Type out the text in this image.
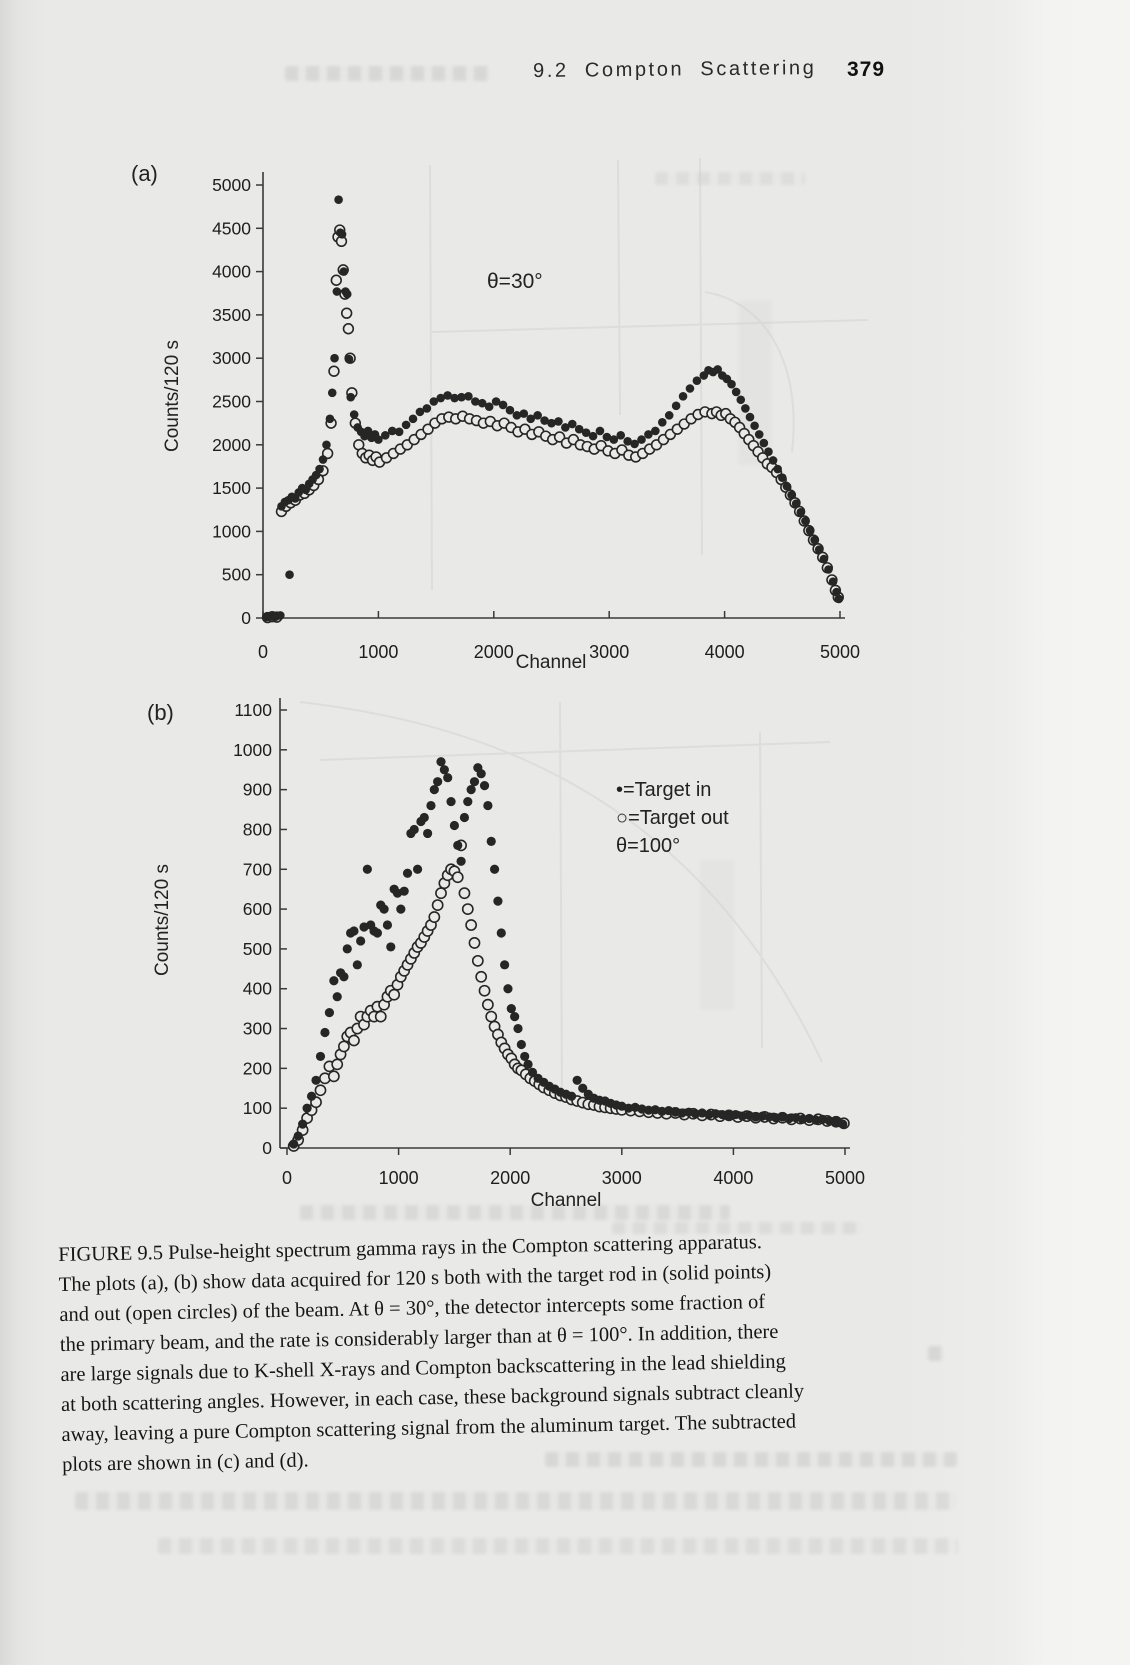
9.2 Compton Scattering 379
0
500
1000
1500
2000
2500
3000
3500
4000
4500
5000
0	1000	2000	3000	4000	5000
0
100
200
300
400
500
600
700
800
900
1000
1100
0	1000	2000	3000	4000	5000
(a)
Counts/120 s
θ=30°
Channel
(b)
Counts/120 s
•=Target in
○=Target out
θ=100°
Channel
FIGURE 9.5 Pulse-height spectrum gamma rays in the Compton scattering apparatus.
The plots (a), (b) show data acquired for 120 s both with the target rod in (solid points)
and out (open circles) of the beam. At θ = 30°, the detector intercepts some fraction of
the primary beam, and the rate is considerably larger than at θ = 100°. In addition, there
are large signals due to K-shell X-rays and Compton backscattering in the lead shielding
at both scattering angles. However, in each case, these background signals subtract cleanly
away, leaving a pure Compton scattering signal from the aluminum target. The subtracted
plots are shown in (c) and (d).
